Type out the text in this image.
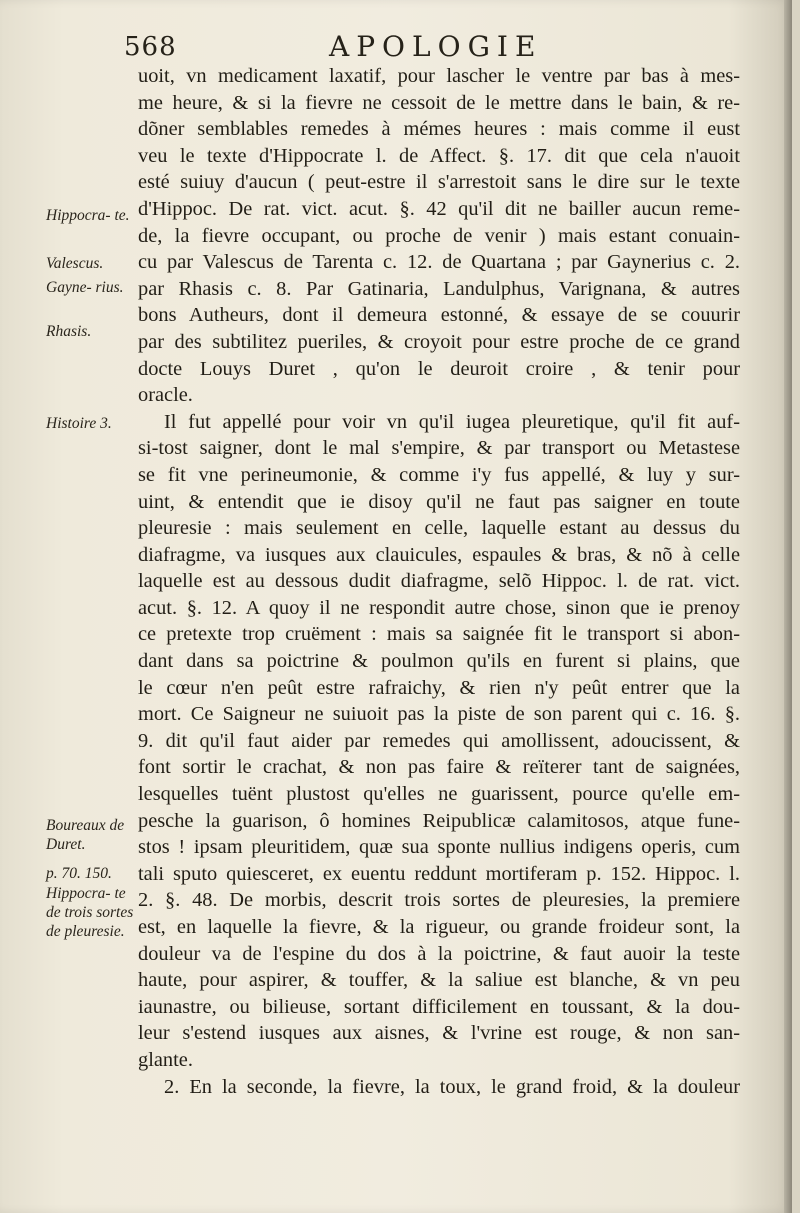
568	APOLOGIE
Hippocra- te.
Valescus.
Gayne- rius.
Rhasis.
Histoire 3.
Boureaux de Duret.
p. 70. 150.
Hippocra- te de trois sortes de pleuresie.
uoit, vn medicament laxatif, pour lascher le ventre par bas à mes-
me heure, & si la fievre ne cessoit de le mettre dans le bain, & re-
dõner semblables remedes à mémes heures : mais comme il eust
veu le texte d'Hippocrate l. de Affect. §. 17. dit que cela n'auoit
esté suiuy d'aucun ( peut-estre il s'arrestoit sans le dire sur le texte
d'Hippoc. De rat. vict. acut. §. 42 qu'il dit ne bailler aucun reme-
de, la fievre occupant, ou proche de venir ) mais estant conuain-
cu par Valescus de Tarenta c. 12. de Quartana ; par Gaynerius c. 2.
par Rhasis c. 8. Par Gatinaria, Landulphus, Varignana, & autres
bons Autheurs, dont il demeura estonné, & essaye de se couurir
par des subtilitez pueriles, & croyoit pour estre proche de ce grand
docte Louys Duret , qu'on le deuroit croire , & tenir pour
oracle.
Il fut appellé pour voir vn qu'il iugea pleuretique, qu'il fit auf-
si-tost saigner, dont le mal s'empire, & par transport ou Metastese
se fit vne perineumonie, & comme i'y fus appellé, & luy y sur-
uint, & entendit que ie disoy qu'il ne faut pas saigner en toute
pleuresie : mais seulement en celle, laquelle estant au dessus du
diafragme, va iusques aux clauicules, espaules & bras, & nõ à celle
laquelle est au dessous dudit diafragme, selõ Hippoc. l. de rat. vict.
acut. §. 12. A quoy il ne respondit autre chose, sinon que ie prenoy
ce pretexte trop cruëment : mais sa saignée fit le transport si abon-
dant dans sa poictrine & poulmon qu'ils en furent si plains, que
le cœur n'en peût estre rafraichy, & rien n'y peût entrer que la
mort. Ce Saigneur ne suiuoit pas la piste de son parent qui c. 16. §.
9. dit qu'il faut aider par remedes qui amollissent, adoucissent, &
font sortir le crachat, & non pas faire & reïterer tant de saignées,
lesquelles tuënt plustost qu'elles ne guarissent, pource qu'elle em-
pesche la guarison, ô homines Reipublicæ calamitosos, atque fune-
stos ! ipsam pleuritidem, quæ sua sponte nullius indigens operis, cum
tali sputo quiesceret, ex euentu reddunt mortiferam p. 152. Hippoc. l.
2. §. 48. De morbis, descrit trois sortes de pleuresies, la premiere
est, en laquelle la fievre, & la rigueur, ou grande froideur sont, la
douleur va de l'espine du dos à la poictrine, & faut auoir la teste
haute, pour aspirer, & touffer, & la saliue est blanche, & vn peu
iaunastre, ou bilieuse, sortant difficilement en toussant, & la dou-
leur s'estend iusques aux aisnes, & l'vrine est rouge, & non san-
glante.
2. En la seconde, la fievre, la toux, le grand froid, & la douleur
